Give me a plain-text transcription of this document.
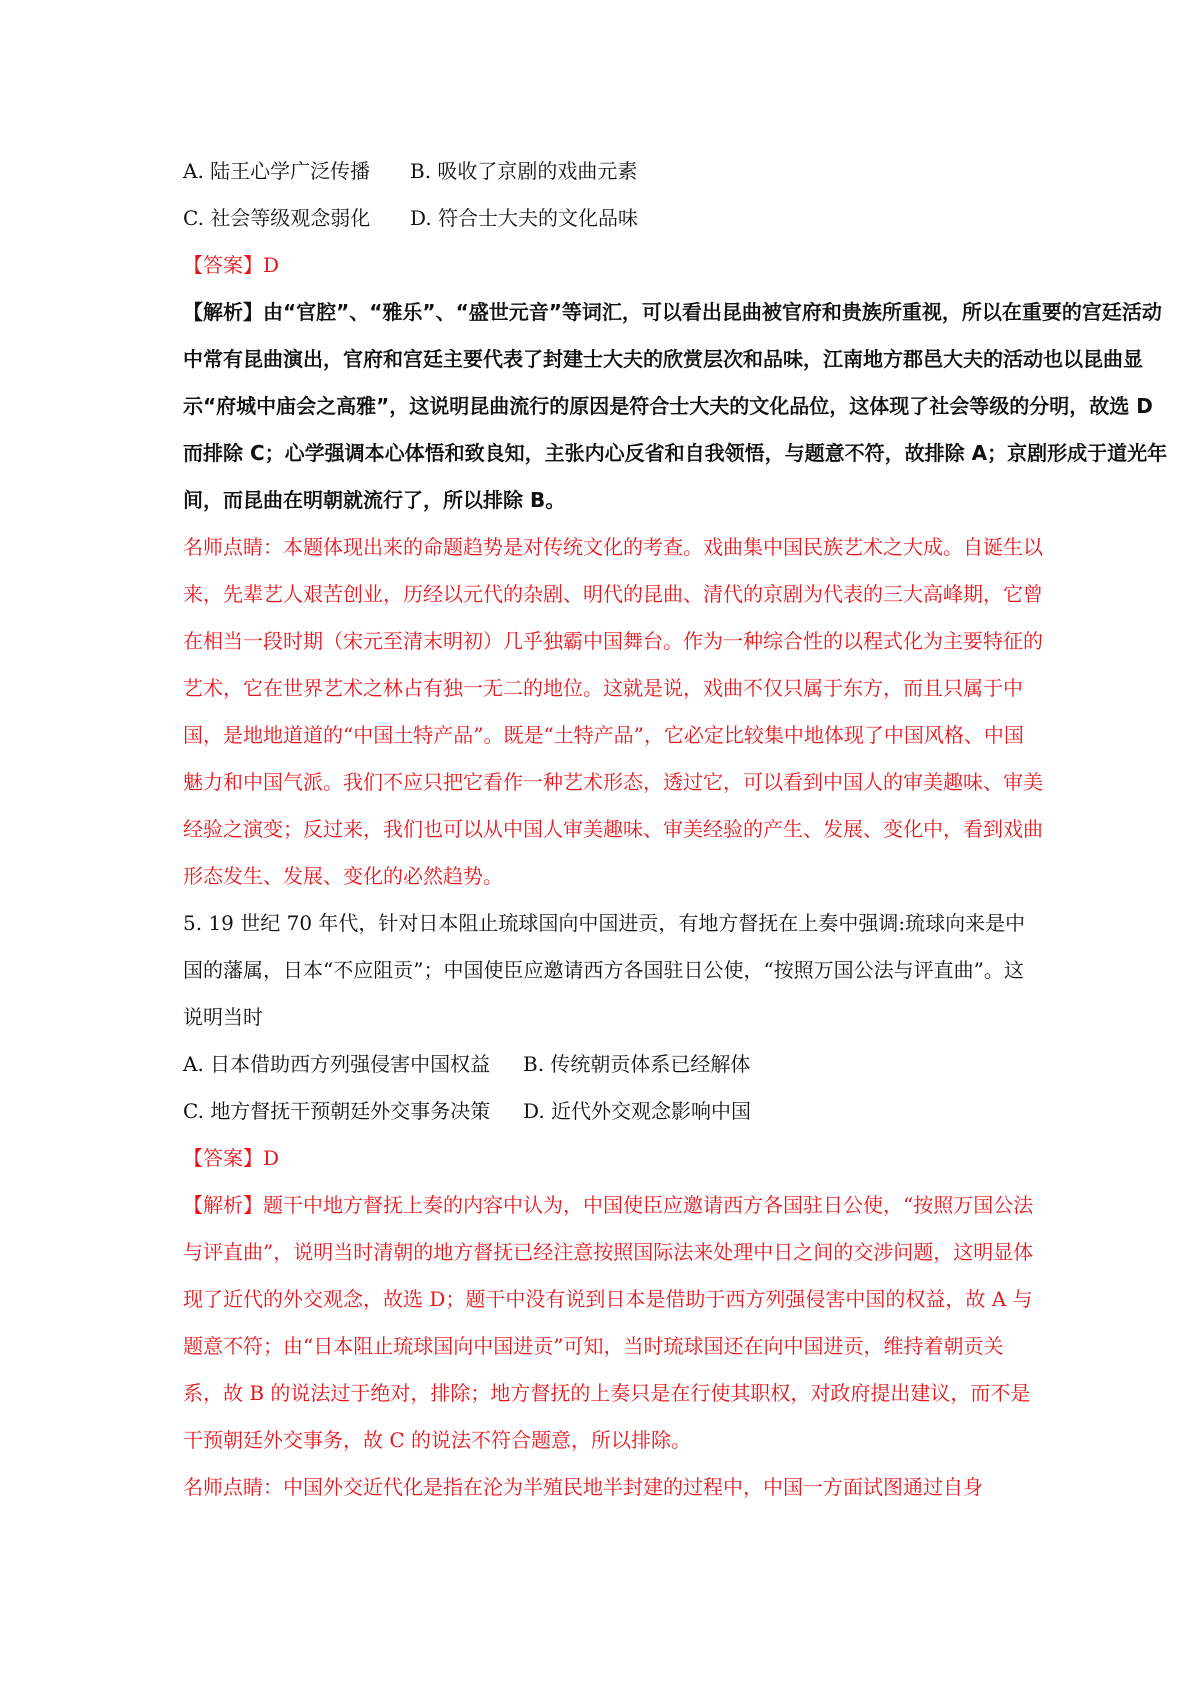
A. 陆王心学广泛传播 B. 吸收了京剧的戏曲元素
C. 社会等级观念弱化 D. 符合士大夫的文化品味
【答案】D
【解析】由“官腔”、“雅乐”、“盛世元音”等词汇，可以看出昆曲被官府和贵族所重视，所以在重要的宫廷活动中常有昆曲演出，官府和宫廷主要代表了封建士大夫的欣赏层次和品味，江南地方郡邑大夫的活动也以昆曲显示“府城中庙会之高雅”，这说明昆曲流行的原因是符合士大夫的文化品位，这体现了社会等级的分明，故选 D 而排除 C；心学强调本心体悟和致良知，主张内心反省和自我领悟，与题意不符，故排除 A；京剧形成于道光年间，而昆曲在明朝就流行了，所以排除 B。
名师点睛：本题体现出来的命题趋势是对传统文化的考查。戏曲集中国民族艺术之大成。自诞生以来，先辈艺人艰苦创业，历经以元代的杂剧、明代的昆曲、清代的京剧为代表的三大高峰期，它曾在相当一段时期（宋元至清末明初）几乎独霸中国舞台。作为一种综合性的以程式化为主要特征的艺术，它在世界艺术之林占有独一无二的地位。这就是说，戏曲不仅只属于东方，而且只属于中国，是地地道道的“中国土特产品”。既是“土特产品”，它必定比较集中地体现了中国风格、中国魅力和中国气派。我们不应只把它看作一种艺术形态，透过它，可以看到中国人的审美趣味、审美经验之演变；反过来，我们也可以从中国人审美趣味、审美经验的产生、发展、变化中，看到戏曲形态发生、发展、变化的必然趋势。
5. 19 世纪 70 年代，针对日本阻止琉球国向中国进贡，有地方督抚在上奏中强调:琉球向来是中国的藩属，日本“不应阻贡”；中国使臣应邀请西方各国驻日公使，“按照万国公法与评直曲”。这说明当时
A. 日本借助西方列强侵害中国权益 B. 传统朝贡体系已经解体
C. 地方督抚干预朝廷外交事务决策 D. 近代外交观念影响中国
【答案】D
【解析】题干中地方督抚上奏的内容中认为，中国使臣应邀请西方各国驻日公使，“按照万国公法与评直曲”，说明当时清朝的地方督抚已经注意按照国际法来处理中日之间的交涉问题，这明显体现了近代的外交观念，故选 D；题干中没有说到日本是借助于西方列强侵害中国的权益，故 A 与题意不符；由“日本阻止琉球国向中国进贡”可知，当时琉球国还在向中国进贡，维持着朝贡关系，故 B 的说法过于绝对，排除；地方督抚的上奏只是在行使其职权，对政府提出建议，而不是干预朝廷外交事务，故 C 的说法不符合题意，所以排除。
名师点睛：中国外交近代化是指在沦为半殖民地半封建的过程中，中国一方面试图通过自身
